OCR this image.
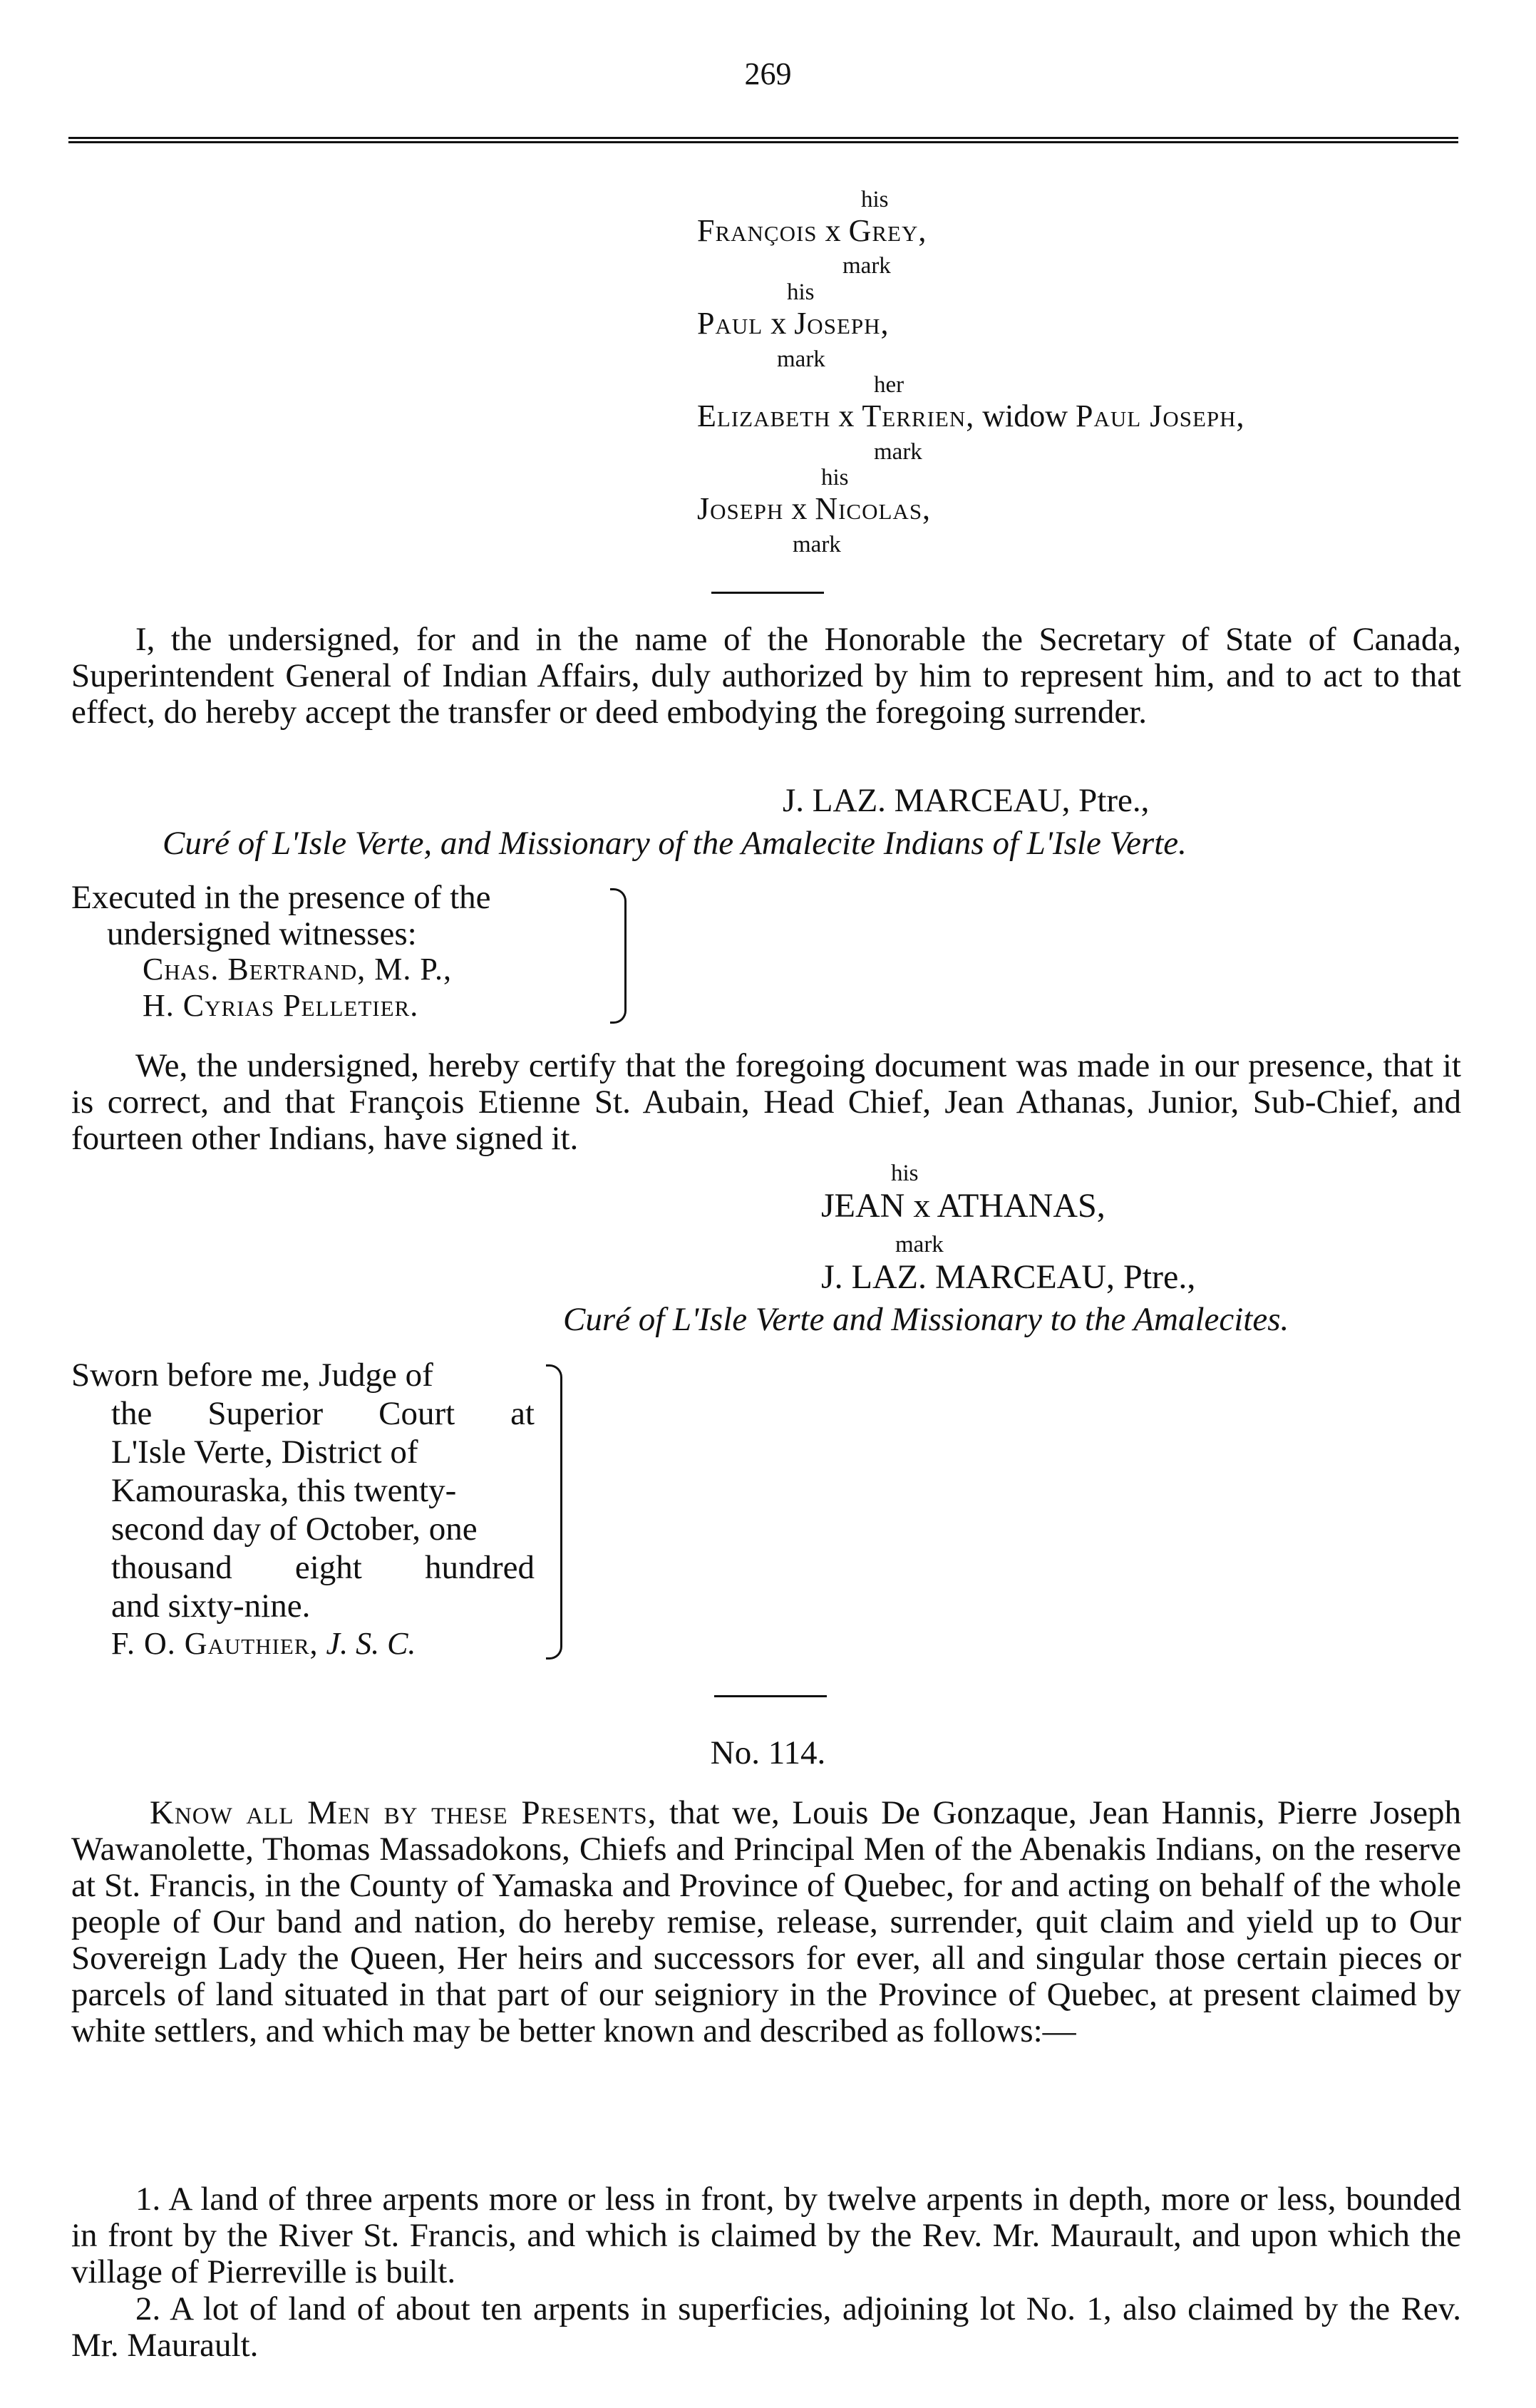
269
his
François x Grey,
mark
his
Paul x Joseph,
mark
her
Elizabeth x Terrien, widow Paul Joseph,
mark
his
Joseph x Nicolas,
mark
I, the undersigned, for and in the name of the Honorable the Secretary of State of Canada, Superintendent General of Indian Affairs, duly authorized by him to represent him, and to act to that effect, do hereby accept the transfer or deed embodying the foregoing surrender.
J. LAZ. MARCEAU, Ptre.,
Curé of L'Isle Verte, and Missionary of the Amalecite Indians of L'Isle Verte.
Executed in the presence of the
undersigned witnesses:
Chas. Bertrand, M. P.,
H. Cyrias Pelletier.
We, the undersigned, hereby certify that the foregoing document was made in our presence, that it is correct, and that François Etienne St. Aubain, Head Chief, Jean Athanas, Junior, Sub-Chief, and fourteen other Indians, have signed it.
his
JEAN x ATHANAS,
mark
J. LAZ. MARCEAU, Ptre.,
Curé of L'Isle Verte and Missionary to the Amalecites.
Sworn before me, Judge of
the Superior Court at
L'Isle Verte, District of
Kamouraska, this twenty-
second day of October, one
thousand eight hundred
and sixty-nine.
F. O. Gauthier, J. S. C.
No. 114.
Know all Men by these Presents, that we, Louis De Gonzaque, Jean Hannis, Pierre Joseph Wawanolette, Thomas Massadokons, Chiefs and Principal Men of the Abenakis Indians, on the reserve at St. Francis, in the County of Yamaska and Province of Quebec, for and acting on behalf of the whole people of Our band and nation, do hereby remise, release, surrender, quit claim and yield up to Our Sovereign Lady the Queen, Her heirs and successors for ever, all and singular those certain pieces or parcels of land situated in that part of our seigniory in the Province of Quebec, at present claimed by white settlers, and which may be better known and described as follows:—
1. A land of three arpents more or less in front, by twelve arpents in depth, more or less, bounded in front by the River St. Francis, and which is claimed by the Rev. Mr. Maurault, and upon which the village of Pierreville is built.
2. A lot of land of about ten arpents in superficies, adjoining lot No. 1, also claimed by the Rev. Mr. Maurault.
